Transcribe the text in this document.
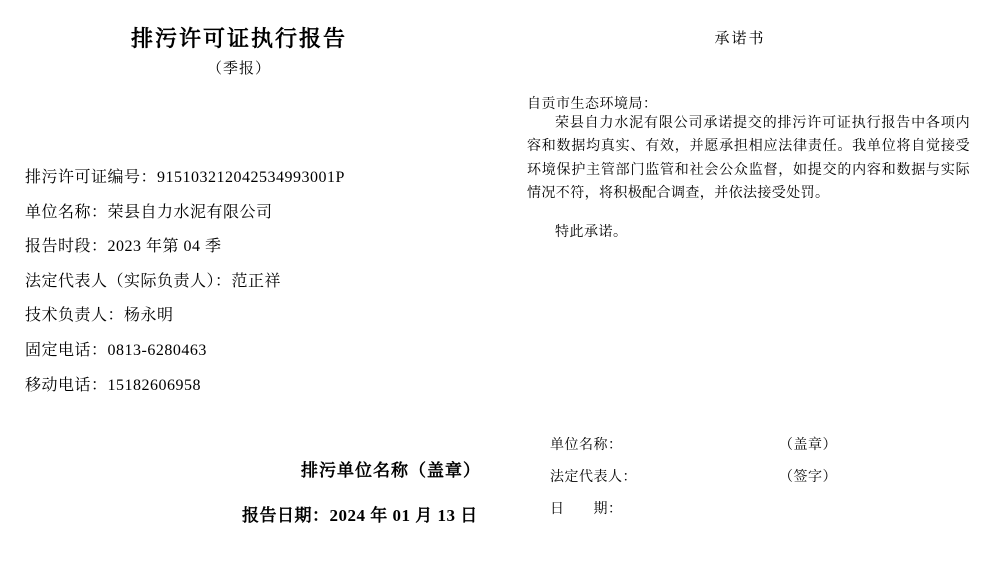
排污许可证执行报告
（季报）
排污许可证编号：915103212042534993001P
单位名称：荣县自力水泥有限公司
报告时段：2023 年第 04 季
法定代表人（实际负责人）：范正祥
技术负责人：杨永明
固定电话：0813-6280463
移动电话：15182606958
排污单位名称（盖章）
报告日期：2024 年 01 月 13 日
承诺书
自贡市生态环境局：

荣县自力水泥有限公司承诺提交的排污许可证执行报告中各项内容和数据均真实、有效，并愿承担相应法律责任。我单位将自觉接受环境保护主管部门监管和社会公众监督，如提交的内容和数据与实际情况不符，将积极配合调查，并依法接受处罚。

特此承诺。
单位名称：	（盖章）
法定代表人：	（签字）
日　　期：
